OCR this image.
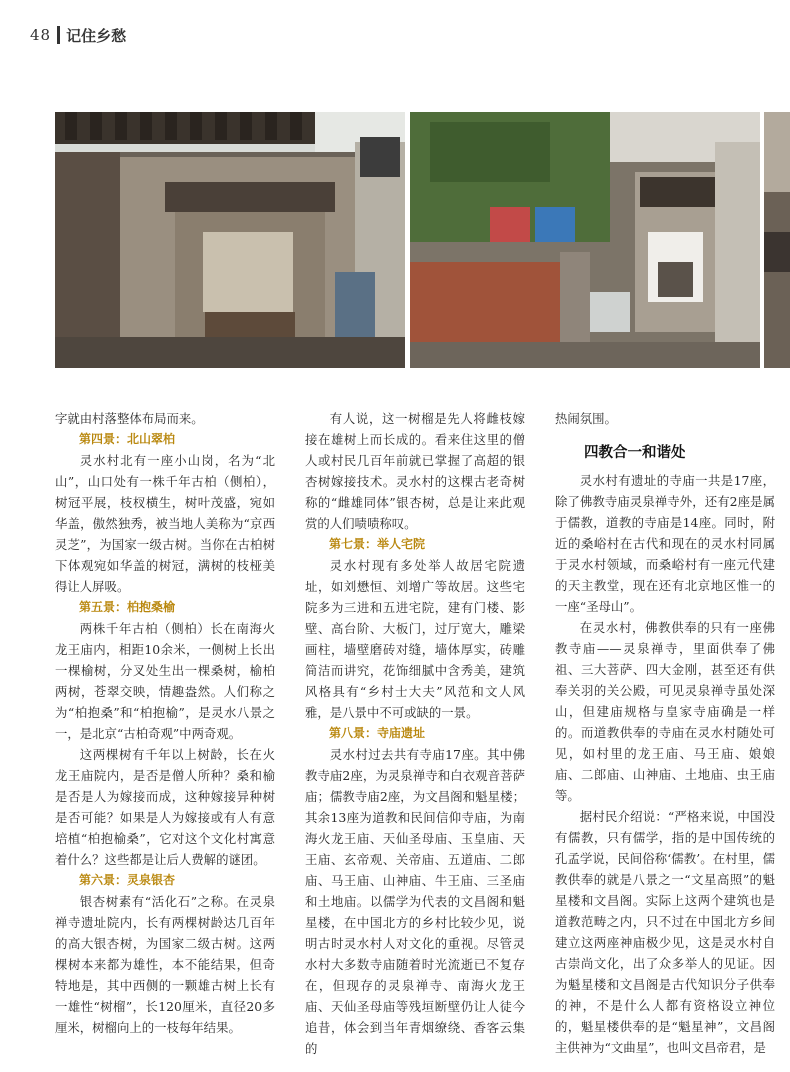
48 记住乡愁

字就由村落整体布局而来。

第四景：北山翠柏

灵水村北有一座小山岗，名为“北山”，山口处有一株千年古柏（侧柏），树冠平展，枝杈横生，树叶茂盛，宛如华盖，傲然独秀，被当地人美称为“京西灵芝”，为国家一级古树。当你在古柏树下体观宛如华盖的树冠，满树的枝桠美得让人屏吸。

第五景：柏抱桑榆

两株千年古柏（侧柏）长在南海火龙王庙内，相距10余米，一侧树上长出一棵榆树，分叉处生出一棵桑树，榆柏两树，苍翠交映，情趣盎然。人们称之为“柏抱桑”和“柏抱榆”，是灵水八景之一，是北京“古柏奇观”中两奇观。

这两棵树有千年以上树龄，长在火龙王庙院内，是否是僧人所种？桑和榆是否是人为嫁接而成，这种嫁接异种树是否可能？如果是人为嫁接或有人有意培植“柏抱榆桑”，它对这个文化村寓意着什么？这些都是让后人费解的谜团。

第六景：灵泉银杏

银杏树素有“活化石”之称。在灵泉禅寺遗址院内，长有两棵树龄达几百年的高大银杏树，为国家二级古树。这两棵树本来都为雄性，本不能结果，但奇特地是，其中西侧的一颗雄古树上长有一雄性“树榴”，长120厘米，直径20多厘米，树榴向上的一枝每年结果。

有人说，这一树榴是先人将雌枝嫁接在雄树上而长成的。看来住这里的僧人或村民几百年前就已掌握了高超的银杏树嫁接技术。灵水村的这棵古老奇树称的“雌雄同体”银杏树，总是让来此观赏的人们啧啧称叹。

第七景：举人宅院

灵水村现有多处举人故居宅院遗址，如刘懋恒、刘增广等故居。这些宅院多为三进和五进宅院，建有门楼、影壁、高台阶、大板门，过厅宽大，雕梁画柱，墙壁磨砖对缝，墙体厚实，砖雕简洁而讲究，花饰细腻中含秀美，建筑风格具有“乡村士大夫”风范和文人风雅，是八景中不可或缺的一景。

第八景：寺庙遗址

灵水村过去共有寺庙17座。其中佛教寺庙2座，为灵泉禅寺和白衣观音菩萨庙；儒教寺庙2座，为文昌阁和魁星楼；其余13座为道教和民间信仰寺庙，为南海火龙王庙、天仙圣母庙、玉皇庙、天王庙、玄帝观、关帝庙、五道庙、二郎庙、马王庙、山神庙、牛王庙、三圣庙和土地庙。以儒学为代表的文昌阁和魁星楼，在中国北方的乡村比较少见，说明古时灵水村人对文化的重视。尽管灵水村大多数寺庙随着时光流逝已不复存在，但现存的灵泉禅寺、南海火龙王庙、天仙圣母庙等残垣断壁仍让人徒今追昔，体会到当年青烟缭绕、香客云集的

热闹氛围。

四教合一和谐处

灵水村有遗址的寺庙一共是17座，除了佛教寺庙灵泉禅寺外，还有2座是属于儒教，道教的寺庙是14座。同时，附近的桑峪村在古代和现在的灵水村同属于灵水村领域，而桑峪村有一座元代建的天主教堂，现在还有北京地区惟一的一座“圣母山”。

在灵水村，佛教供奉的只有一座佛教寺庙——灵泉禅寺，里面供奉了佛祖、三大菩萨、四大金刚，甚至还有供奉关羽的关公殿，可见灵泉禅寺虽处深山，但建庙规格与皇家寺庙确是一样的。而道教供奉的寺庙在灵水村随处可见，如村里的龙王庙、马王庙、娘娘庙、二郎庙、山神庙、土地庙、虫王庙等。

据村民介绍说：“严格来说，中国没有儒教，只有儒学，指的是中国传统的孔孟学说，民间俗称‘儒教’。在村里，儒教供奉的就是八景之一“文星高照”的魁星楼和文昌阁。实际上这两个建筑也是道教范畴之内，只不过在中国北方乡间建立这两座神庙极少见，这是灵水村自古崇尚文化，出了众多举人的见证。因为魁星楼和文昌阁是古代知识分子供奉的神，不是什么人都有资格设立神位的，魁星楼供奉的是“魁星神”，文昌阁主供神为“文曲星”，也叫文昌帝君，是
